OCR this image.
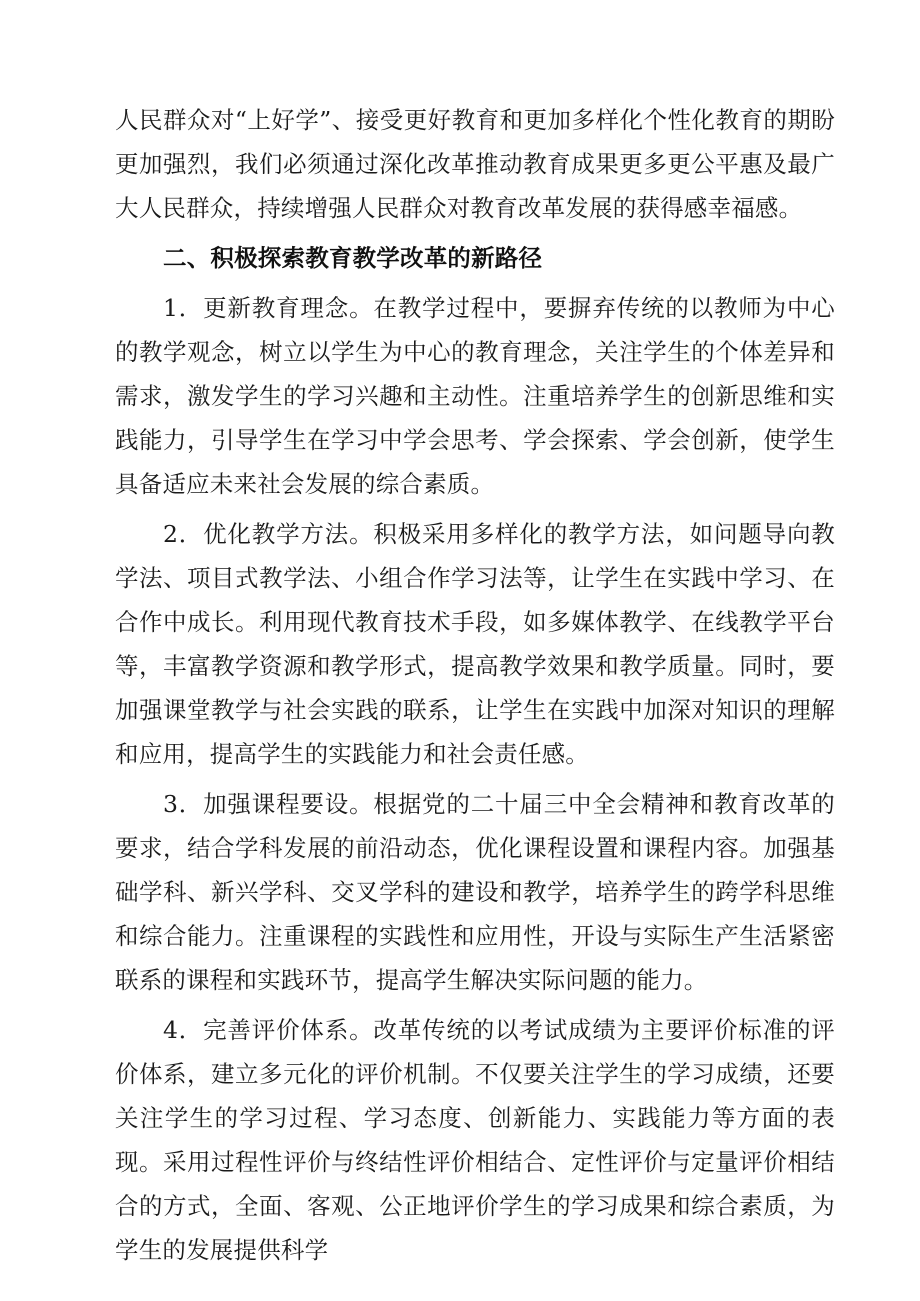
人民群众对“上好学”、接受更好教育和更加多样化个性化教育的期盼更加强烈，我们必须通过深化改革推动教育成果更多更公平惠及最广大人民群众，持续增强人民群众对教育改革发展的获得感幸福感。

二、积极探索教育教学改革的新路径

1．更新教育理念。在教学过程中，要摒弃传统的以教师为中心的教学观念，树立以学生为中心的教育理念，关注学生的个体差异和需求，激发学生的学习兴趣和主动性。注重培养学生的创新思维和实践能力，引导学生在学习中学会思考、学会探索、学会创新，使学生具备适应未来社会发展的综合素质。

2．优化教学方法。积极采用多样化的教学方法，如问题导向教学法、项目式教学法、小组合作学习法等，让学生在实践中学习、在合作中成长。利用现代教育技术手段，如多媒体教学、在线教学平台等，丰富教学资源和教学形式，提高教学效果和教学质量。同时，要加强课堂教学与社会实践的联系，让学生在实践中加深对知识的理解和应用，提高学生的实践能力和社会责任感。

3．加强课程要设。根据党的二十届三中全会精神和教育改革的要求，结合学科发展的前沿动态，优化课程设置和课程内容。加强基础学科、新兴学科、交叉学科的建设和教学，培养学生的跨学科思维和综合能力。注重课程的实践性和应用性，开设与实际生产生活紧密联系的课程和实践环节，提高学生解决实际问题的能力。

4．完善评价体系。改革传统的以考试成绩为主要评价标准的评价体系，建立多元化的评价机制。不仅要关注学生的学习成绩，还要关注学生的学习过程、学习态度、创新能力、实践能力等方面的表现。采用过程性评价与终结性评价相结合、定性评价与定量评价相结合的方式，全面、客观、公正地评价学生的学习成果和综合素质，为学生的发展提供科学
